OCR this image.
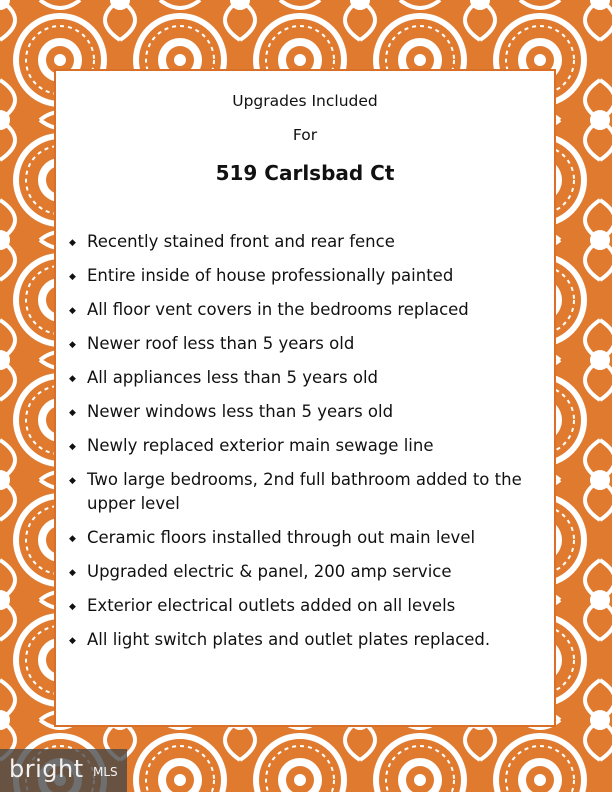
Upgrades Included
For
519 Carlsbad Ct
◆ Recently stained front and rear fence
◆ Entire inside of house professionally painted
◆ All floor vent covers in the bedrooms replaced
◆ Newer roof less than 5 years old
◆ All appliances less than 5 years old
◆ Newer windows less than 5 years old
◆ Newly replaced exterior main sewage line
◆ Two large bedrooms, 2nd full bathroom added to the upper level
◆ Ceramic floors installed through out main level
◆ Upgraded electric & panel, 200 amp service
◆ Exterior electrical outlets added on all levels
◆ All light switch plates and outlet plates replaced.
bright MLS
